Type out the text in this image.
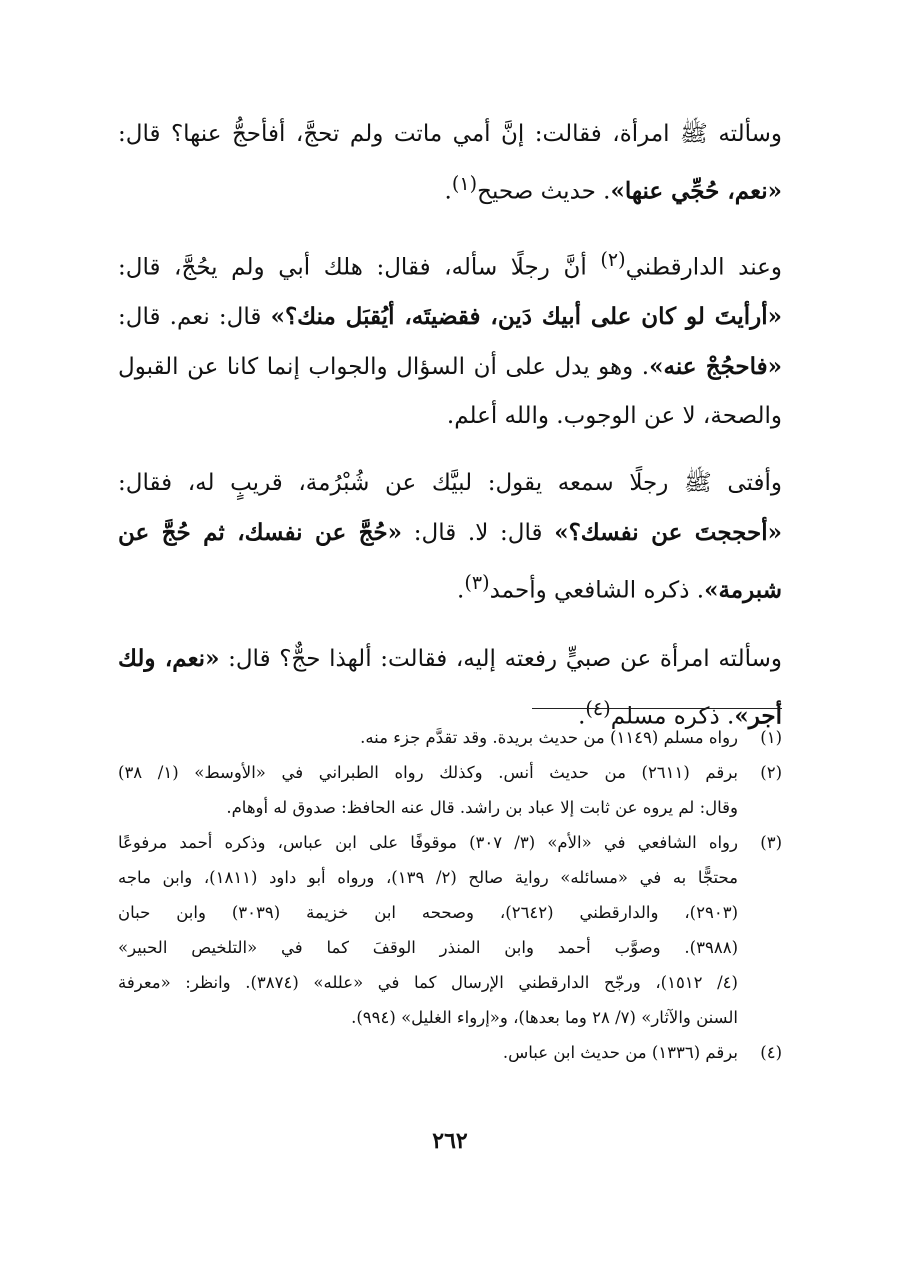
وسألته ﷺ امرأة، فقالت: إنَّ أمي ماتت ولم تحجَّ، أفأحجُّ عنها؟ قال:
«نعم، حُجِّي عنها». حديث صحيح$^{(١)}$.
وعند الدارقطني$^{(٢)}$ أنَّ رجلًا سأله، فقال: هلك أبي ولم يحُجَّ، قال:
«أرأيتَ لو كان على أبيك دَين، فقضيتَه، أيُقبَل منك؟» قال: نعم. قال:
«فاحجُجْ عنه». وهو يدل على أن السؤال والجواب إنما كانا عن القبول
والصحة، لا عن الوجوب. والله أعلم.
وأفتى ﷺ رجلًا سمعه يقول: لبيَّك عن شُبْرُمة، قريبٍ له، فقال:
«أحججتَ عن نفسك؟» قال: لا. قال: «حُجَّ عن نفسك، ثم حُجَّ عن
شبرمة». ذكره الشافعي وأحمد$^{(٣)}$.
وسألته امرأة عن صبيٍّ رفعته إليه، فقالت: ألهذا حجٌّ؟ قال: «نعم، ولك
أجر». ذكره مسلم$^{(٤)}$.
(١)
رواه مسلم (١١٤٩) من حديث بريدة. وقد تقدَّم جزء منه.
(٢)
برقم (٢٦١١) من حديث أنس. وكذلك رواه الطبراني في «الأوسط» (١/ ٣٨)
وقال: لم يروه عن ثابت إلا عباد بن راشد. قال عنه الحافظ: صدوق له أوهام.
(٣)
رواه الشافعي في «الأم» (٣/ ٣٠٧) موقوفًا على ابن عباس، وذكره أحمد مرفوعًا
محتجًّا به في «مسائله» رواية صالح (٢/ ١٣٩)، ورواه أبو داود (١٨١١)، وابن ماجه
(٢٩٠٣)، والدارقطني (٢٦٤٢)، وصححه ابن خزيمة (٣٠٣٩) وابن حبان
(٣٩٨٨). وصوَّب أحمد وابن المنذر الوقفَ كما في «التلخيص الحبير»
(٤/ ١٥١٢)، ورجّح الدارقطني الإرسال كما في «علله» (٣٨٧٤). وانظر: «معرفة
السنن والآثار» (٧/ ٢٨ وما بعدها)، و«إرواء الغليل» (٩٩٤).
(٤)
برقم (١٣٣٦) من حديث ابن عباس.
٢٦٢
